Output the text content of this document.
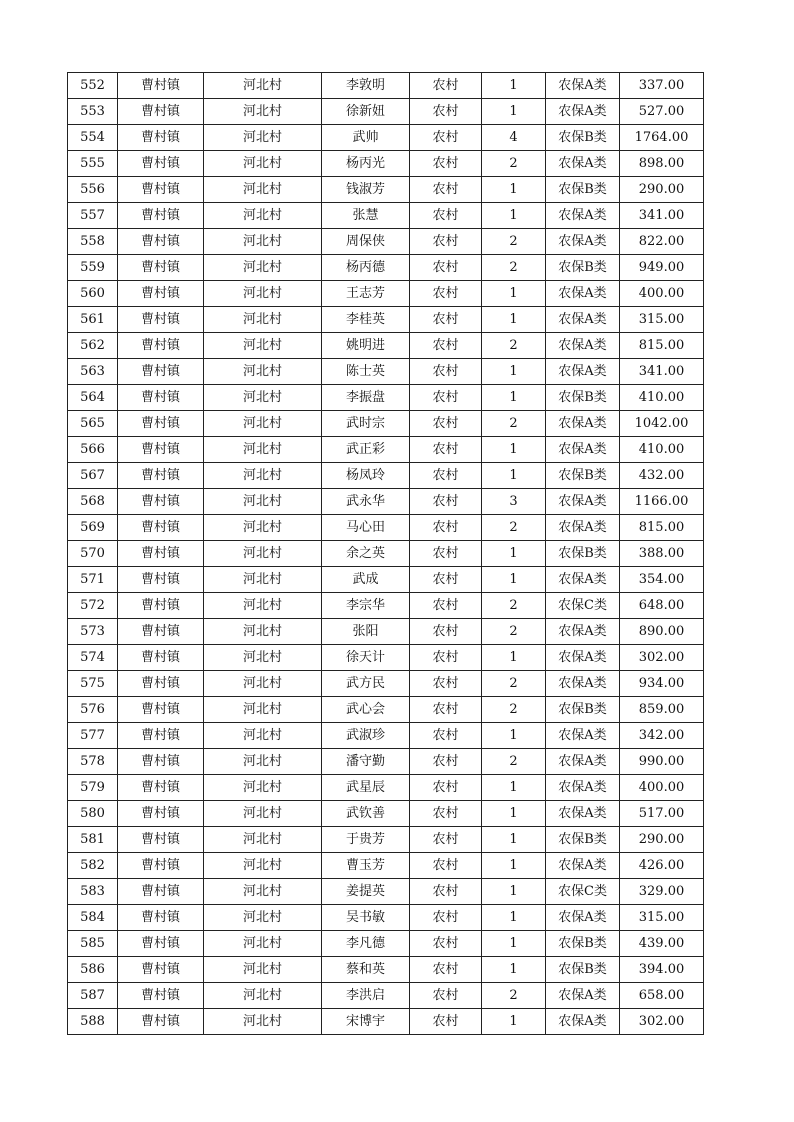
552	曹村镇	河北村	李敦明	农村	1	农保A类	337.00
553	曹村镇	河北村	徐新妞	农村	1	农保A类	527.00
554	曹村镇	河北村	武帅	农村	4	农保B类	1764.00
555	曹村镇	河北村	杨丙光	农村	2	农保A类	898.00
556	曹村镇	河北村	钱淑芳	农村	1	农保B类	290.00
557	曹村镇	河北村	张慧	农村	1	农保A类	341.00
558	曹村镇	河北村	周保侠	农村	2	农保A类	822.00
559	曹村镇	河北村	杨丙德	农村	2	农保B类	949.00
560	曹村镇	河北村	王志芳	农村	1	农保A类	400.00
561	曹村镇	河北村	李桂英	农村	1	农保A类	315.00
562	曹村镇	河北村	姚明进	农村	2	农保A类	815.00
563	曹村镇	河北村	陈士英	农村	1	农保A类	341.00
564	曹村镇	河北村	李振盘	农村	1	农保B类	410.00
565	曹村镇	河北村	武时宗	农村	2	农保A类	1042.00
566	曹村镇	河北村	武正彩	农村	1	农保A类	410.00
567	曹村镇	河北村	杨凤玲	农村	1	农保B类	432.00
568	曹村镇	河北村	武永华	农村	3	农保A类	1166.00
569	曹村镇	河北村	马心田	农村	2	农保A类	815.00
570	曹村镇	河北村	余之英	农村	1	农保B类	388.00
571	曹村镇	河北村	武成	农村	1	农保A类	354.00
572	曹村镇	河北村	李宗华	农村	2	农保C类	648.00
573	曹村镇	河北村	张阳	农村	2	农保A类	890.00
574	曹村镇	河北村	徐天计	农村	1	农保A类	302.00
575	曹村镇	河北村	武方民	农村	2	农保A类	934.00
576	曹村镇	河北村	武心会	农村	2	农保B类	859.00
577	曹村镇	河北村	武淑珍	农村	1	农保A类	342.00
578	曹村镇	河北村	潘守勤	农村	2	农保A类	990.00
579	曹村镇	河北村	武星辰	农村	1	农保A类	400.00
580	曹村镇	河北村	武钦善	农村	1	农保A类	517.00
581	曹村镇	河北村	于贵芳	农村	1	农保B类	290.00
582	曹村镇	河北村	曹玉芳	农村	1	农保A类	426.00
583	曹村镇	河北村	姜提英	农村	1	农保C类	329.00
584	曹村镇	河北村	吴书敏	农村	1	农保A类	315.00
585	曹村镇	河北村	李凡德	农村	1	农保B类	439.00
586	曹村镇	河北村	蔡和英	农村	1	农保B类	394.00
587	曹村镇	河北村	李洪启	农村	2	农保A类	658.00
588	曹村镇	河北村	宋博宇	农村	1	农保A类	302.00
